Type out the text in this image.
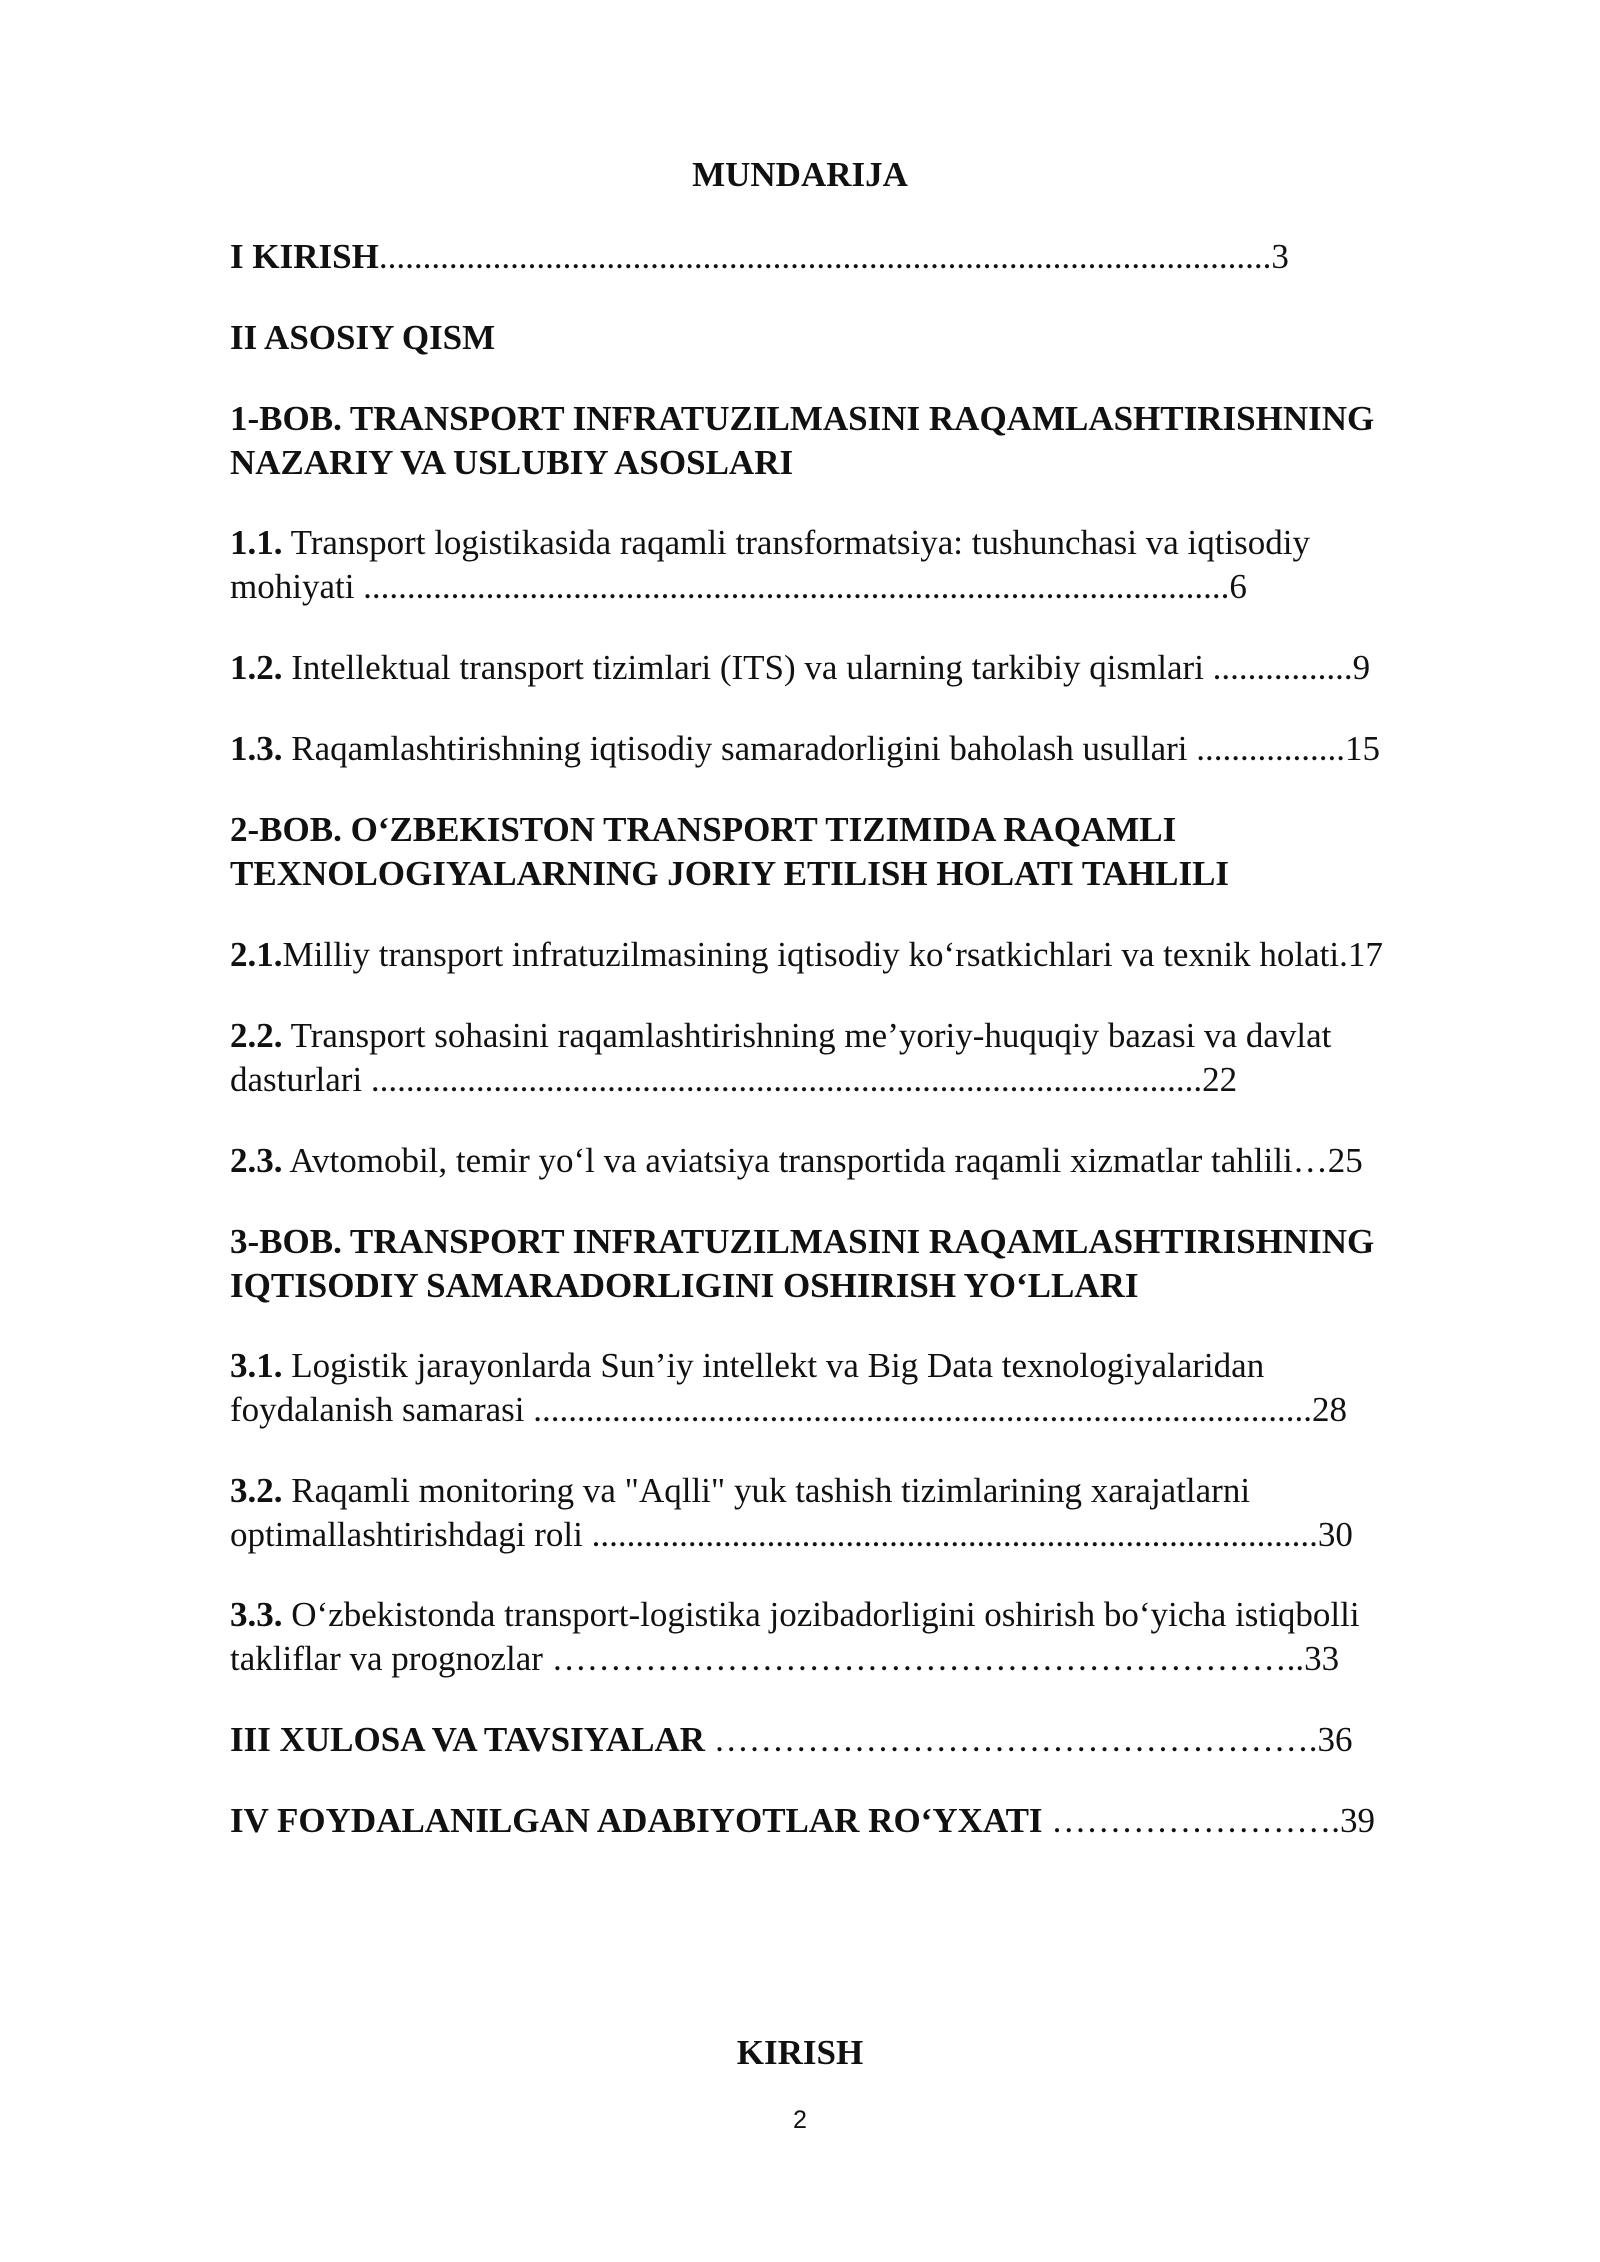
MUNDARIJA
I KIRISH......................................................................................................3
II ASOSIY QISM
1-BOB. TRANSPORT INFRATUZILMASINI RAQAMLASHTIRISHNING
NAZARIY VA USLUBIY ASOSLARI
1.1. Transport logistikasida raqamli transformatsiya: tushunchasi va iqtisodiy
mohiyati ...................................................................................................6
1.2. Intellektual transport tizimlari (ITS) va ularning tarkibiy qismlari ................9
1.3. Raqamlashtirishning iqtisodiy samaradorligini baholash usullari .................15
2-BOB. O‘ZBEKISTON TRANSPORT TIZIMIDA RAQAMLI
TEXNOLOGIYALARNING JORIY ETILISH HOLATI TAHLILI
2.1.Milliy transport infratuzilmasining iqtisodiy ko‘rsatkichlari va texnik holati.17
2.2. Transport sohasini raqamlashtirishning me’yoriy-huquqiy bazasi va davlat
dasturlari ...............................................................................................22
2.3. Avtomobil, temir yo‘l va aviatsiya transportida raqamli xizmatlar tahlili…25
3-BOB. TRANSPORT INFRATUZILMASINI RAQAMLASHTIRISHNING
IQTISODIY SAMARADORLIGINI OSHIRISH YO‘LLARI
3.1. Logistik jarayonlarda Sun’iy intellekt va Big Data texnologiyalaridan
foydalanish samarasi .........................................................................................28
3.2. Raqamli monitoring va "Aqlli" yuk tashish tizimlarining xarajatlarni
optimallashtirishdagi roli ...................................................................................30
3.3. O‘zbekistonda transport-logistika jozibadorligini oshirish bo‘yicha istiqbolli
takliflar va prognozlar ………………………………………………………..33
III XULOSA VA TAVSIYALAR …………………………………………….36
IV FOYDALANILGAN ADABIYOTLAR RO‘YXATI …………………….39
KIRISH
2
